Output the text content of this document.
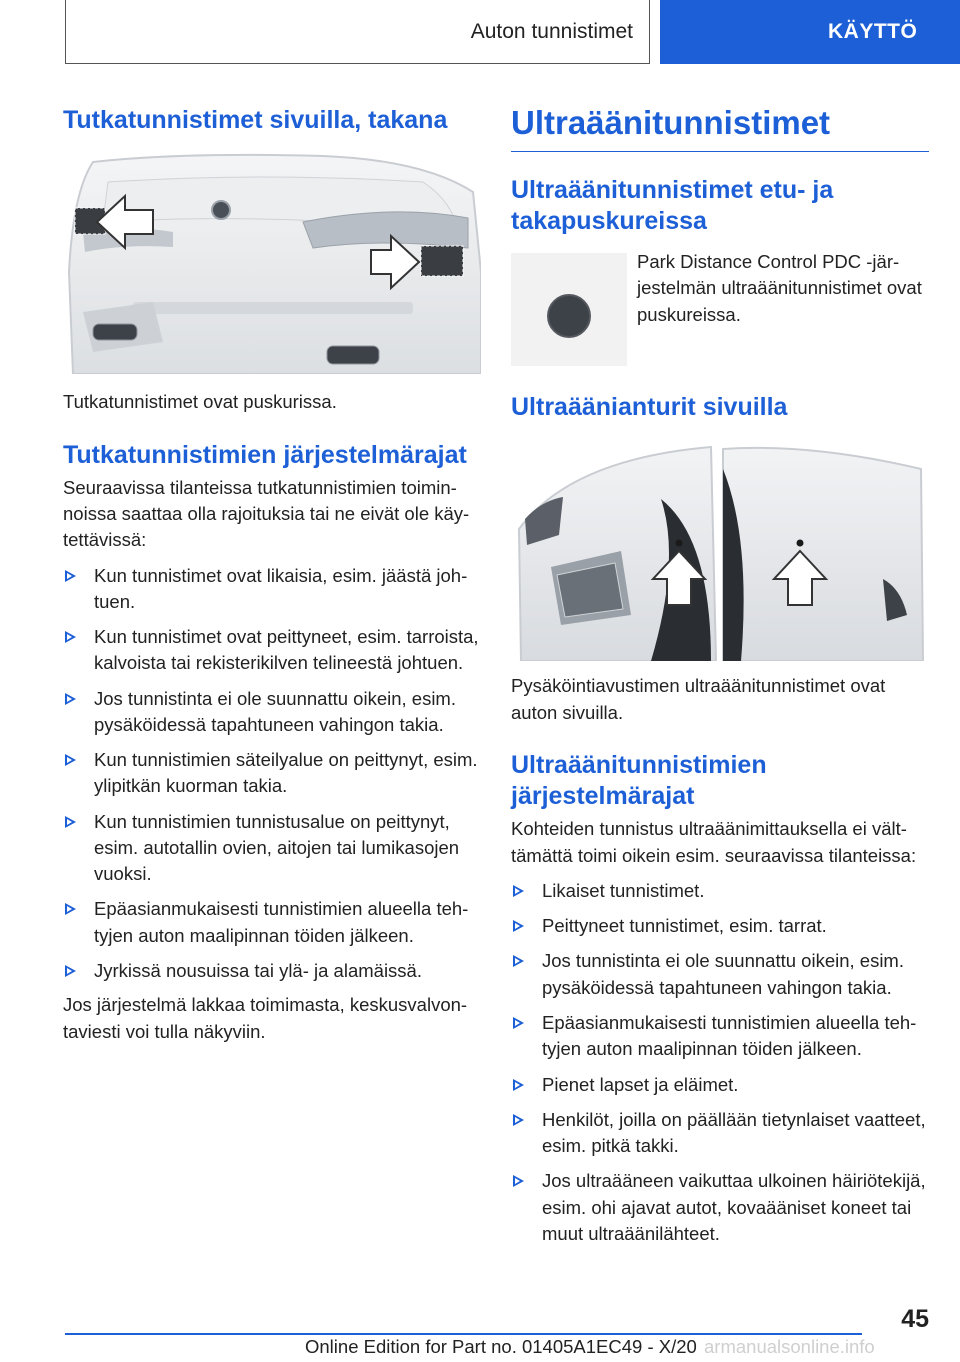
Auton tunnistimet	KÄYTTÖ
Tutkatunnistimet sivuilla, takana

Tutkatunnistimet ovat puskurissa.

Tutkatunnistimien järjestelmärajat

Seuraavissa tilanteissa tutkatunnistimien toiminnoissa saattaa olla rajoituksia tai ne eivät ole käytettävissä:

Kun tunnistimet ovat likaisia, esim. jäästä johtuen.
Kun tunnistimet ovat peittyneet, esim. tarroista, kalvoista tai rekisterikilven telineestä johtuen.
Jos tunnistinta ei ole suunnattu oikein, esim. pysäköidessä tapahtuneen vahingon takia.
Kun tunnistimien säteilyalue on peittynyt, esim. ylipitkän kuorman takia.
Kun tunnistimien tunnistusalue on peittynyt, esim. autotallin ovien, aitojen tai lumikasojen vuoksi.
Epäasianmukaisesti tunnistimien alueella tehtyjen auton maalipinnan töiden jälkeen.
Jyrkissä nousuissa tai ylä- ja alamäissä.

Jos järjestelmä lakkaa toimimasta, keskusvalvontaviesti voi tulla näkyviin.

Ultraäänitunnistimet
Ultraäänitunnistimet etu- ja takapuskureissa

Park Distance Control PDC -järjestelmän ultraäänitunnistimet ovat puskureissa.

Ultraäänianturit sivuilla

Pysäköintiavustimen ultraäänitunnistimet ovat auton sivuilla.

Ultraäänitunnistimien järjestelmärajat

Kohteiden tunnistus ultraäänimittauksella ei välttämättä toimi oikein esim. seuraavissa tilanteissa:

Likaiset tunnistimet.
Peittyneet tunnistimet, esim. tarrat.
Jos tunnistinta ei ole suunnattu oikein, esim. pysäköidessä tapahtuneen vahingon takia.
Epäasianmukaisesti tunnistimien alueella tehtyjen auton maalipinnan töiden jälkeen.
Pienet lapset ja eläimet.
Henkilöt, joilla on päällään tietynlaiset vaatteet, esim. pitkä takki.
Jos ultraääneen vaikuttaa ulkoinen häiriötekijä, esim. ohi ajavat autot, kovaääniset koneet tai muut ultraäänilähteet.
45
Online Edition for Part no. 01405A1EC49 - X/20 armanualsonline.info
